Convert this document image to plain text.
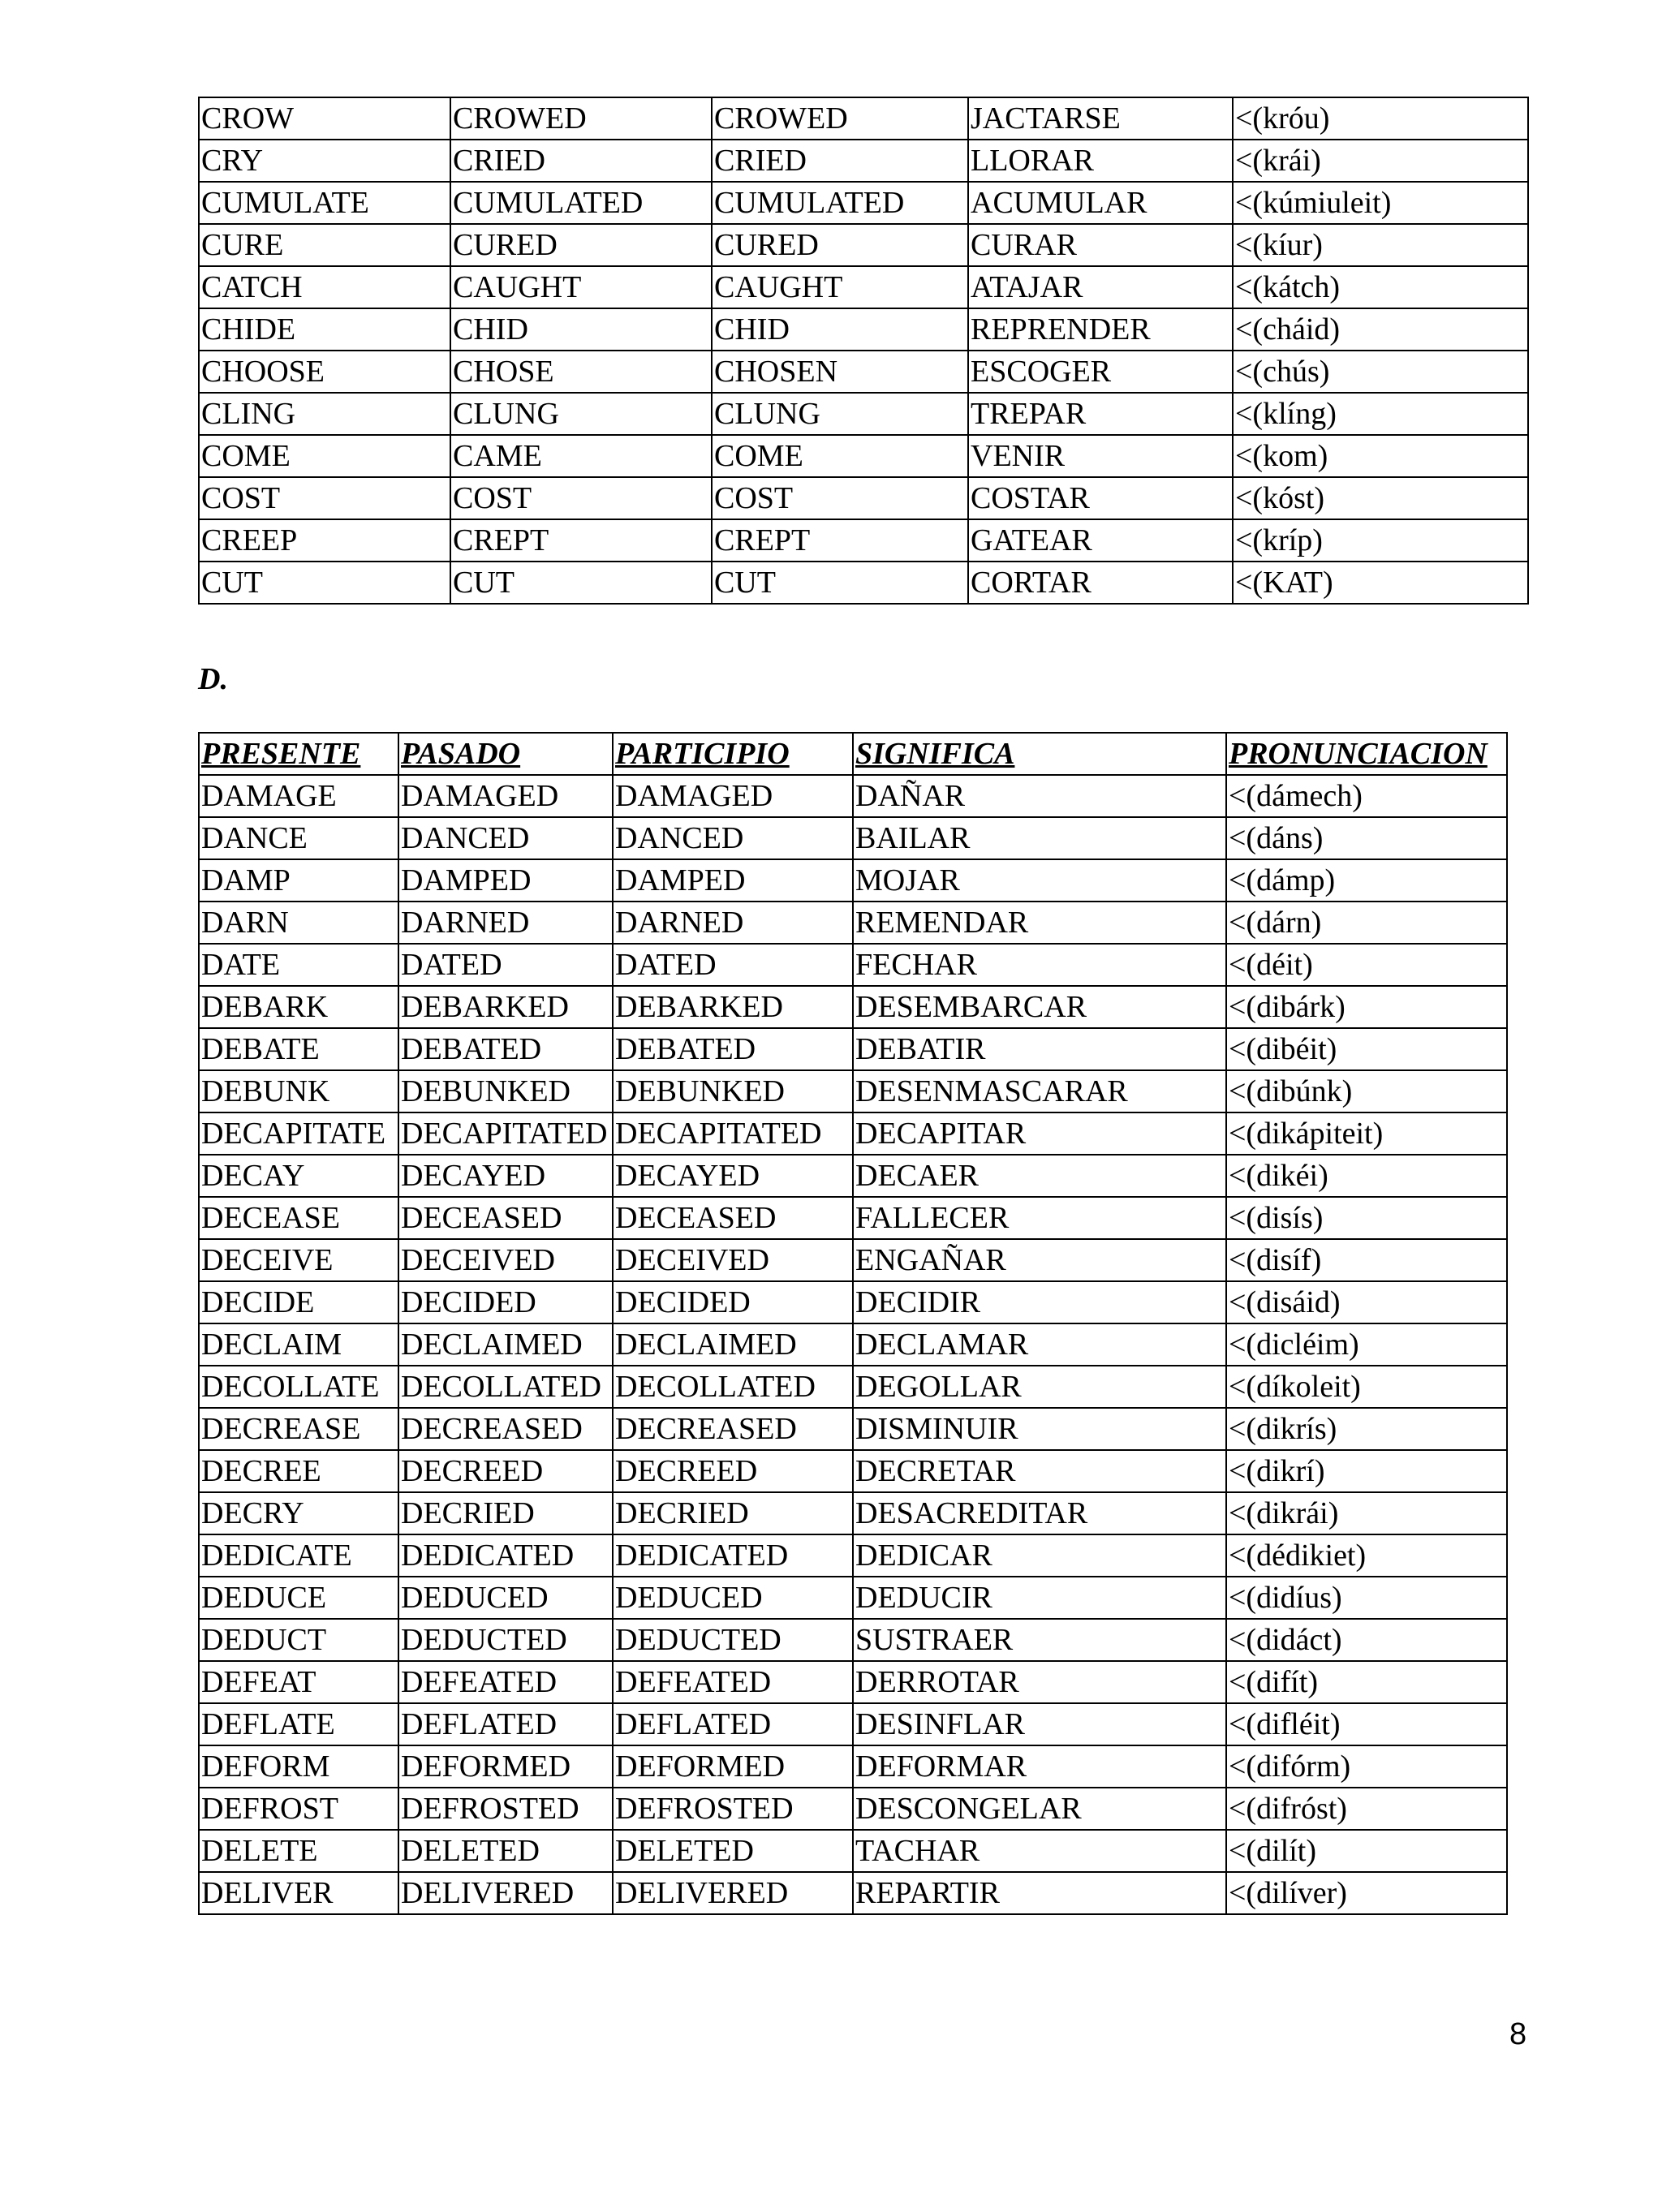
CROW	CROWED	CROWED	JACTARSE	<(króu)
CRY	CRIED	CRIED	LLORAR	<(krái)
CUMULATE	CUMULATED	CUMULATED	ACUMULAR	<(kúmiuleit)
CURE	CURED	CURED	CURAR	<(kíur)
CATCH	CAUGHT	CAUGHT	ATAJAR	<(kátch)
CHIDE	CHID	CHID	REPRENDER	<(cháid)
CHOOSE	CHOSE	CHOSEN	ESCOGER	<(chús)
CLING	CLUNG	CLUNG	TREPAR	<(klíng)
COME	CAME	COME	VENIR	<(kom)
COST	COST	COST	COSTAR	<(kóst)
CREEP	CREPT	CREPT	GATEAR	<(kríp)
CUT	CUT	CUT	CORTAR	<(KAT)
D.
PRESENTE	PASADO	PARTICIPIO	SIGNIFICA	PRONUNCIACION
DAMAGE	DAMAGED	DAMAGED	DAÑAR	<(dámech)
DANCE	DANCED	DANCED	BAILAR	<(dáns)
DAMP	DAMPED	DAMPED	MOJAR	<(dámp)
DARN	DARNED	DARNED	REMENDAR	<(dárn)
DATE	DATED	DATED	FECHAR	<(déit)
DEBARK	DEBARKED	DEBARKED	DESEMBARCAR	<(dibárk)
DEBATE	DEBATED	DEBATED	DEBATIR	<(dibéit)
DEBUNK	DEBUNKED	DEBUNKED	DESENMASCARAR	<(dibúnk)
DECAPITATE	DECAPITATED	DECAPITATED	DECAPITAR	<(dikápiteit)
DECAY	DECAYED	DECAYED	DECAER	<(dikéi)
DECEASE	DECEASED	DECEASED	FALLECER	<(disís)
DECEIVE	DECEIVED	DECEIVED	ENGAÑAR	<(disíf)
DECIDE	DECIDED	DECIDED	DECIDIR	<(disáid)
DECLAIM	DECLAIMED	DECLAIMED	DECLAMAR	<(dicléim)
DECOLLATE	DECOLLATED	DECOLLATED	DEGOLLAR	<(díkoleit)
DECREASE	DECREASED	DECREASED	DISMINUIR	<(dikrís)
DECREE	DECREED	DECREED	DECRETAR	<(dikrí)
DECRY	DECRIED	DECRIED	DESACREDITAR	<(dikrái)
DEDICATE	DEDICATED	DEDICATED	DEDICAR	<(dédikiet)
DEDUCE	DEDUCED	DEDUCED	DEDUCIR	<(didíus)
DEDUCT	DEDUCTED	DEDUCTED	SUSTRAER	<(didáct)
DEFEAT	DEFEATED	DEFEATED	DERROTAR	<(difít)
DEFLATE	DEFLATED	DEFLATED	DESINFLAR	<(difléit)
DEFORM	DEFORMED	DEFORMED	DEFORMAR	<(difórm)
DEFROST	DEFROSTED	DEFROSTED	DESCONGELAR	<(difróst)
DELETE	DELETED	DELETED	TACHAR	<(dilít)
DELIVER	DELIVERED	DELIVERED	REPARTIR	<(dilíver)
8
